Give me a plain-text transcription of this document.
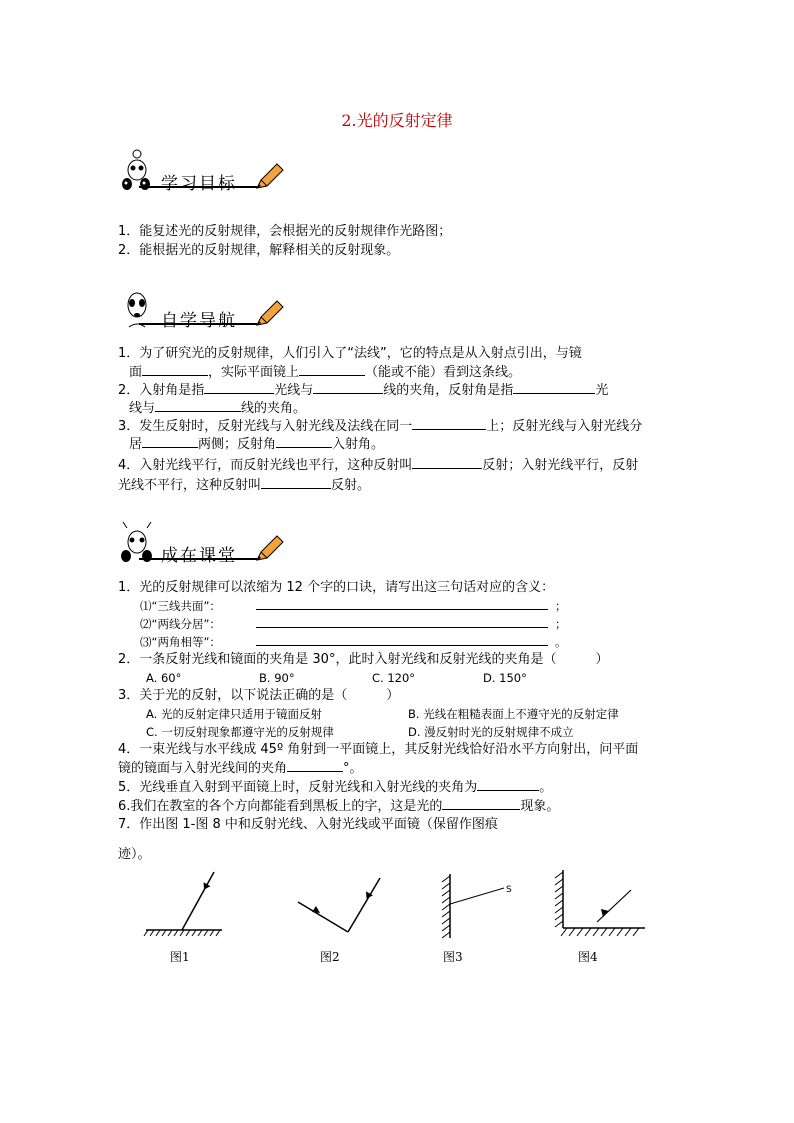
2.光的反射定律
学习目标
1．能复述光的反射规律，会根据光的反射规律作光路图；
2．能根据光的反射规律，解释相关的反射现象。
自学导航
1．为了研究光的反射规律，人们引入了“法线”，它的特点是从入射点引出，与镜
面	，实际平面镜上	（能或不能）看到这条线。
2．入射角是指	光线与	线的夹角，反射角是指	光
线与	线的夹角。
3．发生反射时，反射光线与入射光线及法线在同一	上；反射光线与入射光线分
居	两侧；反射角	入射角。
4．入射光线平行，而反射光线也平行，这种反射叫	反射；入射光线平行，反射
光线不平行，这种反射叫	反射。
成在课堂
1．光的反射规律可以浓缩为 12 个字的口诀，请写出这三句话对应的含义：
⑴“三线共面”：	；
⑵“两线分居”：	；
⑶“两角相等”：	。
2．一条反射光线和镜面的夹角是 30°，此时入射光线和反射光线的夹角是（　　　）
A. 60°	B. 90°	C. 120°	D. 150°
3．关于光的反射，以下说法正确的是（　　　）
A. 光的反射定律只适用于镜面反射	B. 光线在粗糙表面上不遵守光的反射定律
C. 一切反射现象都遵守光的反射规律	D. 漫反射时光的反射规律不成立
4．一束光线与水平线成 45º 角射到一平面镜上，其反射光线恰好沿水平方向射出，问平面
镜的镜面与入射光线间的夹角	°。
5．光线垂直入射到平面镜上时，反射光线和入射光线的夹角为	。
6.我们在教室的各个方向都能看到黑板上的字，这是光的	现象。
7．作出图 1-图 8 中和反射光线、入射光线或平面镜（保留作图痕
迹）。
图1	图2
S
图3	图4
